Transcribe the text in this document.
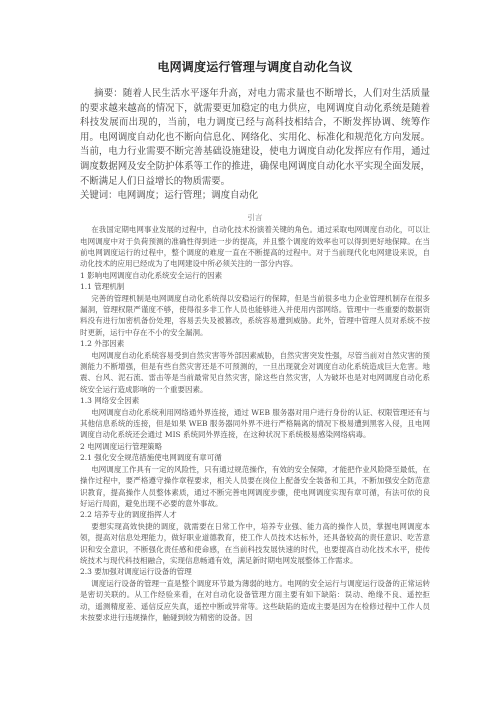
电网调度运行管理与调度自动化刍议

摘要：随着人民生活水平逐年升高，对电力需求量也不断增长，人们对生活质量的要求越来越高的情况下，就需要更加稳定的电力供应，电网调度自动化系统是随着科技发展而出现的，当前，电力调度已经与高科技相结合，不断发挥协调、统筹作用。电网调度自动化也不断向信息化、网络化、实用化、标准化和规范化方向发展。当前，电力行业需要不断完善基础设施建设，使电力调度自动化发挥应有作用，通过调度数据网及安全防护体系等工作的推进，确保电网调度自动化水平实现全面发展，不断满足人们日益增长的物质需要。

关键词：电网调度；运行管理；调度自动化

引言

在我国定期电网事业发展的过程中，自动化技术扮演着关键的角色。通过采取电网调度自动化，可以让电网调度中对于负荷预测的准确性得到进一步的提高，并且整个调度的效率也可以得到更好地保障。在当前电网调度运行的过程中，整个调度的难度一直在不断提高的过程中。对于当前现代化电网建设来说，自动化技术的应用已经成为了电网建设中所必须关注的一部分内容。

1 影响电网调度自动化系统安全运行的因素

1.1 管理机制

完善的管理机制是电网调度自动化系统得以安稳运行的保障，但是当前很多电力企业管理机制存在很多漏洞，管理权限严谨度不够，使得很多非工作人员也能够进入并使用内部网络。管理中一些重要的数据资料没有进行加密机备份处理，容易丢失及被篡改，系统容易遭到威胁。此外，管理中管理人员对系统不按时更新，运行中存在不小的安全漏洞。

1.2 外部因素

电网调度自动化系统容易受到自然灾害等外部因素威胁，自然灾害突发性强，尽管当前对自然灾害的预测能力不断增强，但是有些自然灾害还是不可预测的，一旦出现就会对调度自动化系统造成巨大危害。地震、台风、泥石流、雷击等是当前最常见自然灾害，除这些自然灾害，人为破坏也是对电网调度自动化系统安全运行造成影响的一个重要因素。

1.3 网络安全因素

电网调度自动化系统利用网络通外界连接，通过 WEB 服务器对用户进行身份的认证、权限管理还有与其他信息系统的连接，但是如果 WEB 服务器同外界不进行严格隔离的情况下极易遭到黑客入侵，且电网调度自动化系统还会通过 MIS 系统同外界连接，在这种状况下系统极易感染网络病毒。

2 电网调度运行管理策略

2.1 强化安全规范措施使电网调度有章可循

电网调度工作具有一定的风险性，只有通过规范操作，有效的安全保障，才能把作业风险降至最低，在操作过程中，要严格遵守操作章程要求，相关人员要在岗位上配备安全装备和工具，不断加强安全防范意识教育，提高操作人员整体素质，通过不断完善电网调度步骤，使电网调度实现有章可循，有法可依的良好运行局面，避免出现不必要的意外事故。

2.2 培养专业的调度指挥人才

要想实现高效快捷的调度，就需要在日常工作中，培养专业强、能力高的操作人员，掌握电网调度本领，提高对信息处理能力，做好职业道德教育，使工作人员技术达标外，还具备较高的责任意识、吃苦意识和安全意识，不断强化责任感和使命感，在当前科技发展快速的时代，也要提高自动化技术水平，使传统技术与现代科技相融合，实现信息畅通有效，满足新时期电网发展整体工作需求。

2.3 要加强对调度运行设备的管理

调度运行设备的管理一直是整个调度环节最为薄弱的地方。电网的安全运行与调度运行设备的正常运转是密切关联的。从工作经验来看，在对自动化设备管理方面主要有如下缺陷：误动、绝缘不良、遥控拒动，遥测精度差、遥信反应失真，遥控中断或异常等。这些缺陷的造成主要是因为在检修过程中工作人员未按要求进行违规操作，触碰到较为精密的设备。因
